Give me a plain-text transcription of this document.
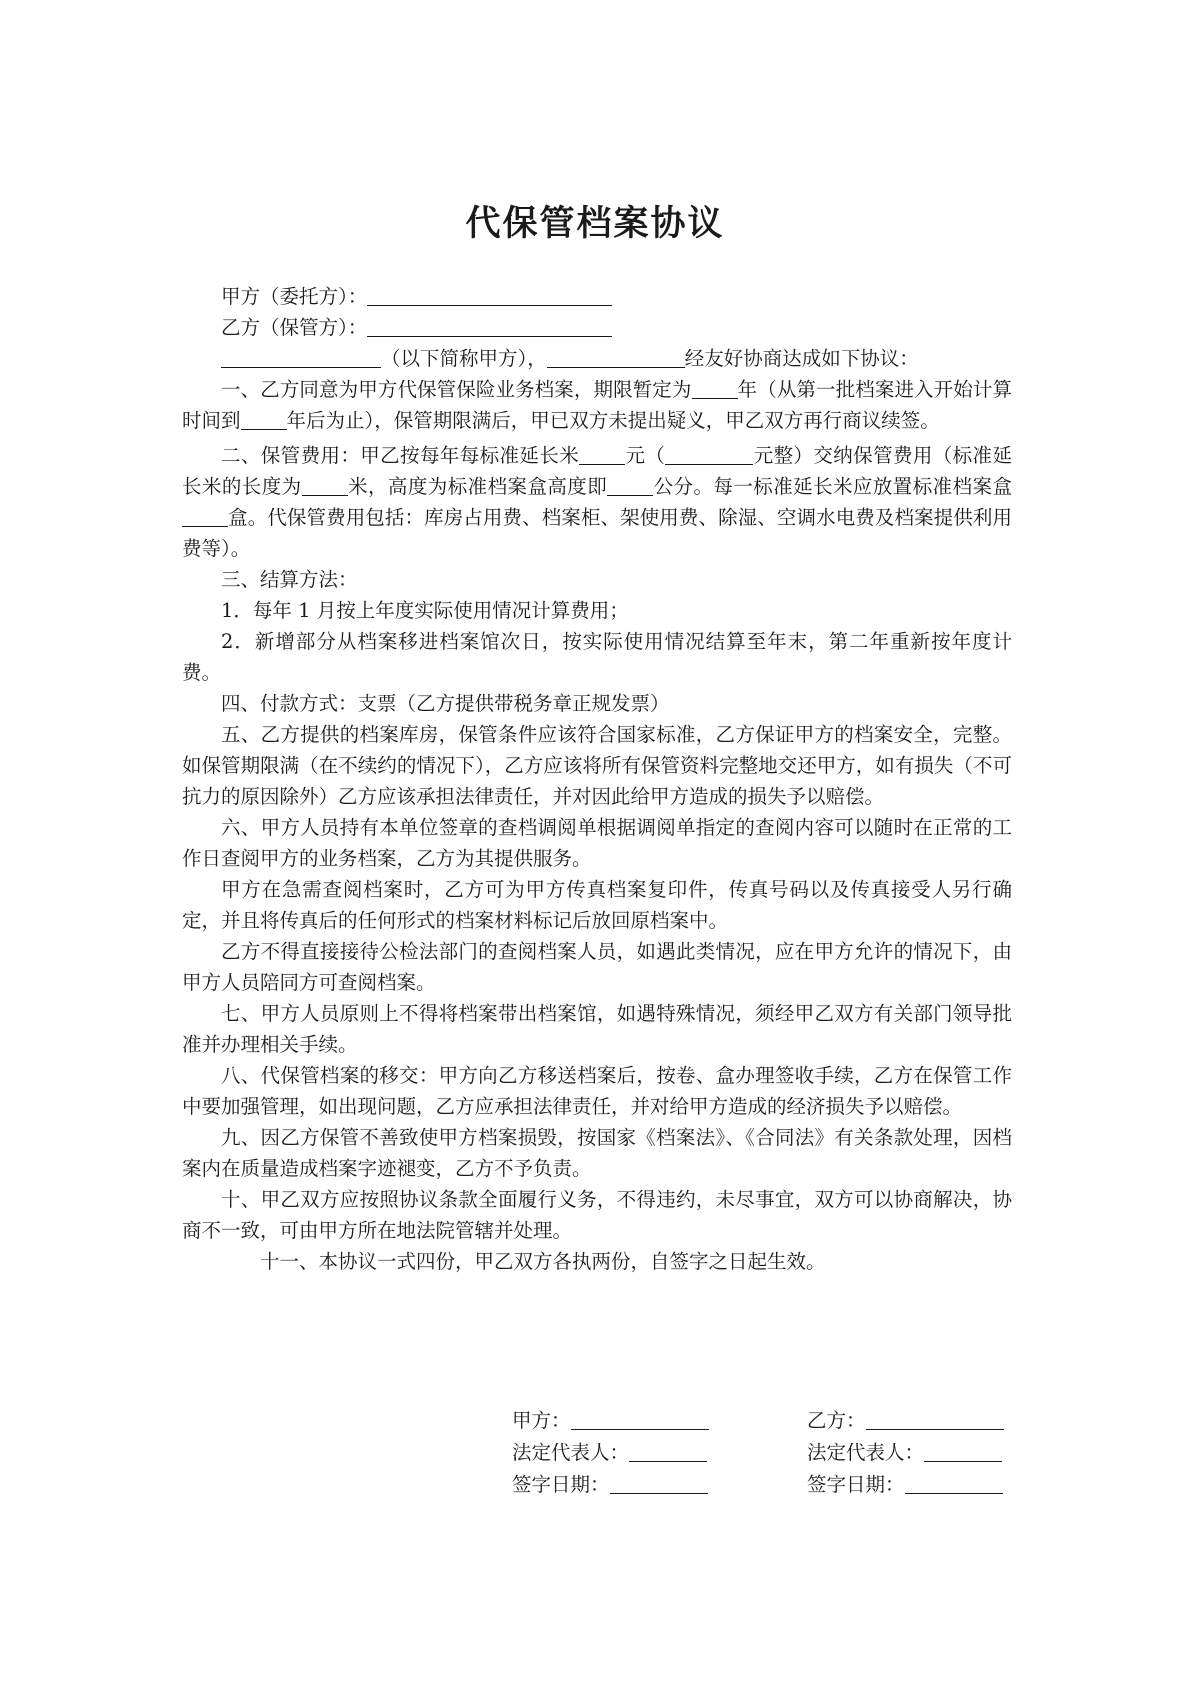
代保管档案协议
甲方（委托方）：
乙方（保管方）：
（以下简称甲方），	经友好协商达成如下协议：

一、乙方同意为甲方代保管保险业务档案，期限暂定为 年（从第一批档案进入开始计算时间到 年后为止），保管期限满后，甲已双方未提出疑义，甲乙双方再行商议续签。

二、保管费用：甲乙按每年每标准延长米 元（	元整）交纳保管费用（标准延长米的长度为 米，高度为标准档案盒高度即 公分。每一标准延长米应放置标准档案盒盒。代保管费用包括：库房占用费、档案柜、架使用费、除湿、空调水电费及档案提供利用费等）。

三、结算方法：

1．每年 1 月按上年度实际使用情况计算费用；

2．新增部分从档案移进档案馆次日，按实际使用情况结算至年末，第二年重新按年度计费。

四、付款方式：支票（乙方提供带税务章正规发票）

五、乙方提供的档案库房，保管条件应该符合国家标准，乙方保证甲方的档案安全，完整。如保管期限满（在不续约的情况下），乙方应该将所有保管资料完整地交还甲方，如有损失（不可抗力的原因除外）乙方应该承担法律责任，并对因此给甲方造成的损失予以赔偿。

六、甲方人员持有本单位签章的查档调阅单根据调阅单指定的查阅内容可以随时在正常的工作日查阅甲方的业务档案，乙方为其提供服务。

甲方在急需查阅档案时，乙方可为甲方传真档案复印件，传真号码以及传真接受人另行确定，并且将传真后的任何形式的档案材料标记后放回原档案中。

乙方不得直接接待公检法部门的查阅档案人员，如遇此类情况，应在甲方允许的情况下，由甲方人员陪同方可查阅档案。

七、甲方人员原则上不得将档案带出档案馆，如遇特殊情况，须经甲乙双方有关部门领导批准并办理相关手续。

八、代保管档案的移交：甲方向乙方移送档案后，按卷、盒办理签收手续，乙方在保管工作中要加强管理，如出现问题，乙方应承担法律责任，并对给甲方造成的经济损失予以赔偿。

九、因乙方保管不善致使甲方档案损毁，按国家《档案法》、《合同法》有关条款处理，因档案内在质量造成档案字迹褪变，乙方不予负责。

十、甲乙双方应按照协议条款全面履行义务，不得违约，未尽事宜，双方可以协商解决，协商不一致，可由甲方所在地法院管辖并处理。

十一、本协议一式四份，甲乙双方各执两份，自签字之日起生效。

甲方：
法定代表人：
签字日期：
乙方：
法定代表人：
签字日期：
